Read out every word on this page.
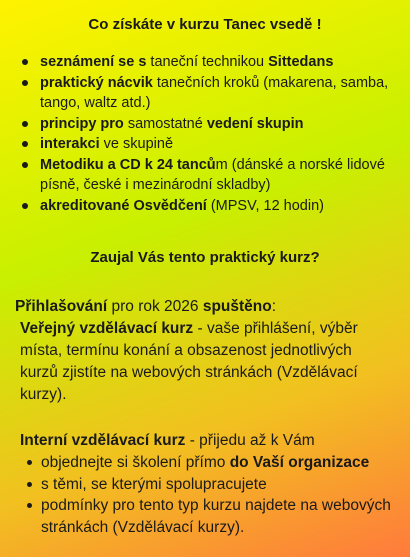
Co získáte v kurzu Tanec vsedě !
seznámení se s taneční technikou Sittedans
praktický nácvik tanečních kroků (makarena, samba, tango, waltz atd.)
principy pro samostatné vedení skupin
interakci ve skupině
Metodiku a CD k 24 tancům (dánské a norské lidové písně, české i mezinárodní skladby)
akreditované Osvědčení (MPSV, 12 hodin)
Zaujal Vás tento praktický kurz?
Přihlašování pro rok 2026 spuštěno:
Veřejný vzdělávací kurz - vaše přihlášení, výběr místa, termínu konání a obsazenost jednotlivých kurzů zjistíte na webových stránkách (Vzdělávací kurzy).
Interní vzdělávací kurz - přijedu až k Vám
objednejte si školení přímo do Vaší organizace
s těmi, se kterými spolupracujete
podmínky pro tento typ kurzu najdete na webových stránkách (Vzdělávací kurzy).
